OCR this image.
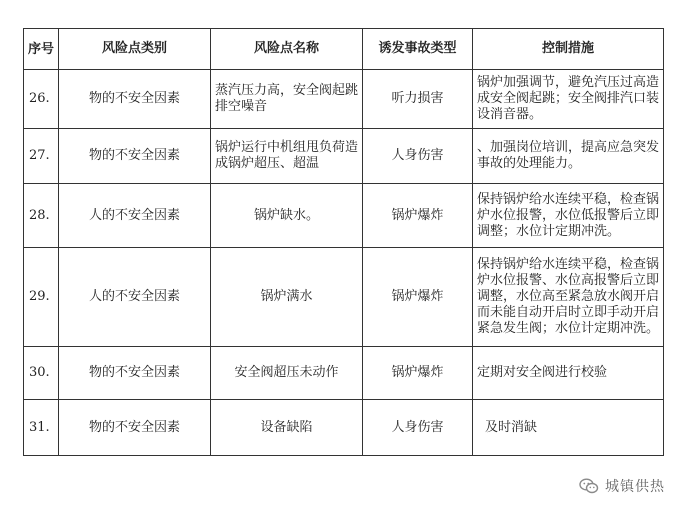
序号	风险点类别	风险点名称	诱发事故类型	控制措施
26.	物的不安全因素	蒸汽压力高，安全阀起跳排空噪音	听力损害	锅炉加强调节，避免汽压过高造成安全阀起跳；安全阀排汽口装设消音器。
27.	物的不安全因素	锅炉运行中机组甩负荷造成锅炉超压、超温	人身伤害	、加强岗位培训，提高应急突发事故的处理能力。
28.	人的不安全因素	锅炉缺水。	锅炉爆炸	保持锅炉给水连续平稳，检查锅炉水位报警，水位低报警后立即调整；水位计定期冲洗。
29.	人的不安全因素	锅炉满水	锅炉爆炸	保持锅炉给水连续平稳，检查锅炉水位报警、水位高报警后立即调整，水位高至紧急放水阀开启而未能自动开启时立即手动开启紧急发生阀；水位计定期冲洗。
30.	物的不安全因素	安全阀超压未动作	锅炉爆炸	定期对安全阀进行校验
31.	物的不安全因素	设备缺陷	人身伤害	及时消缺
城镇供热
